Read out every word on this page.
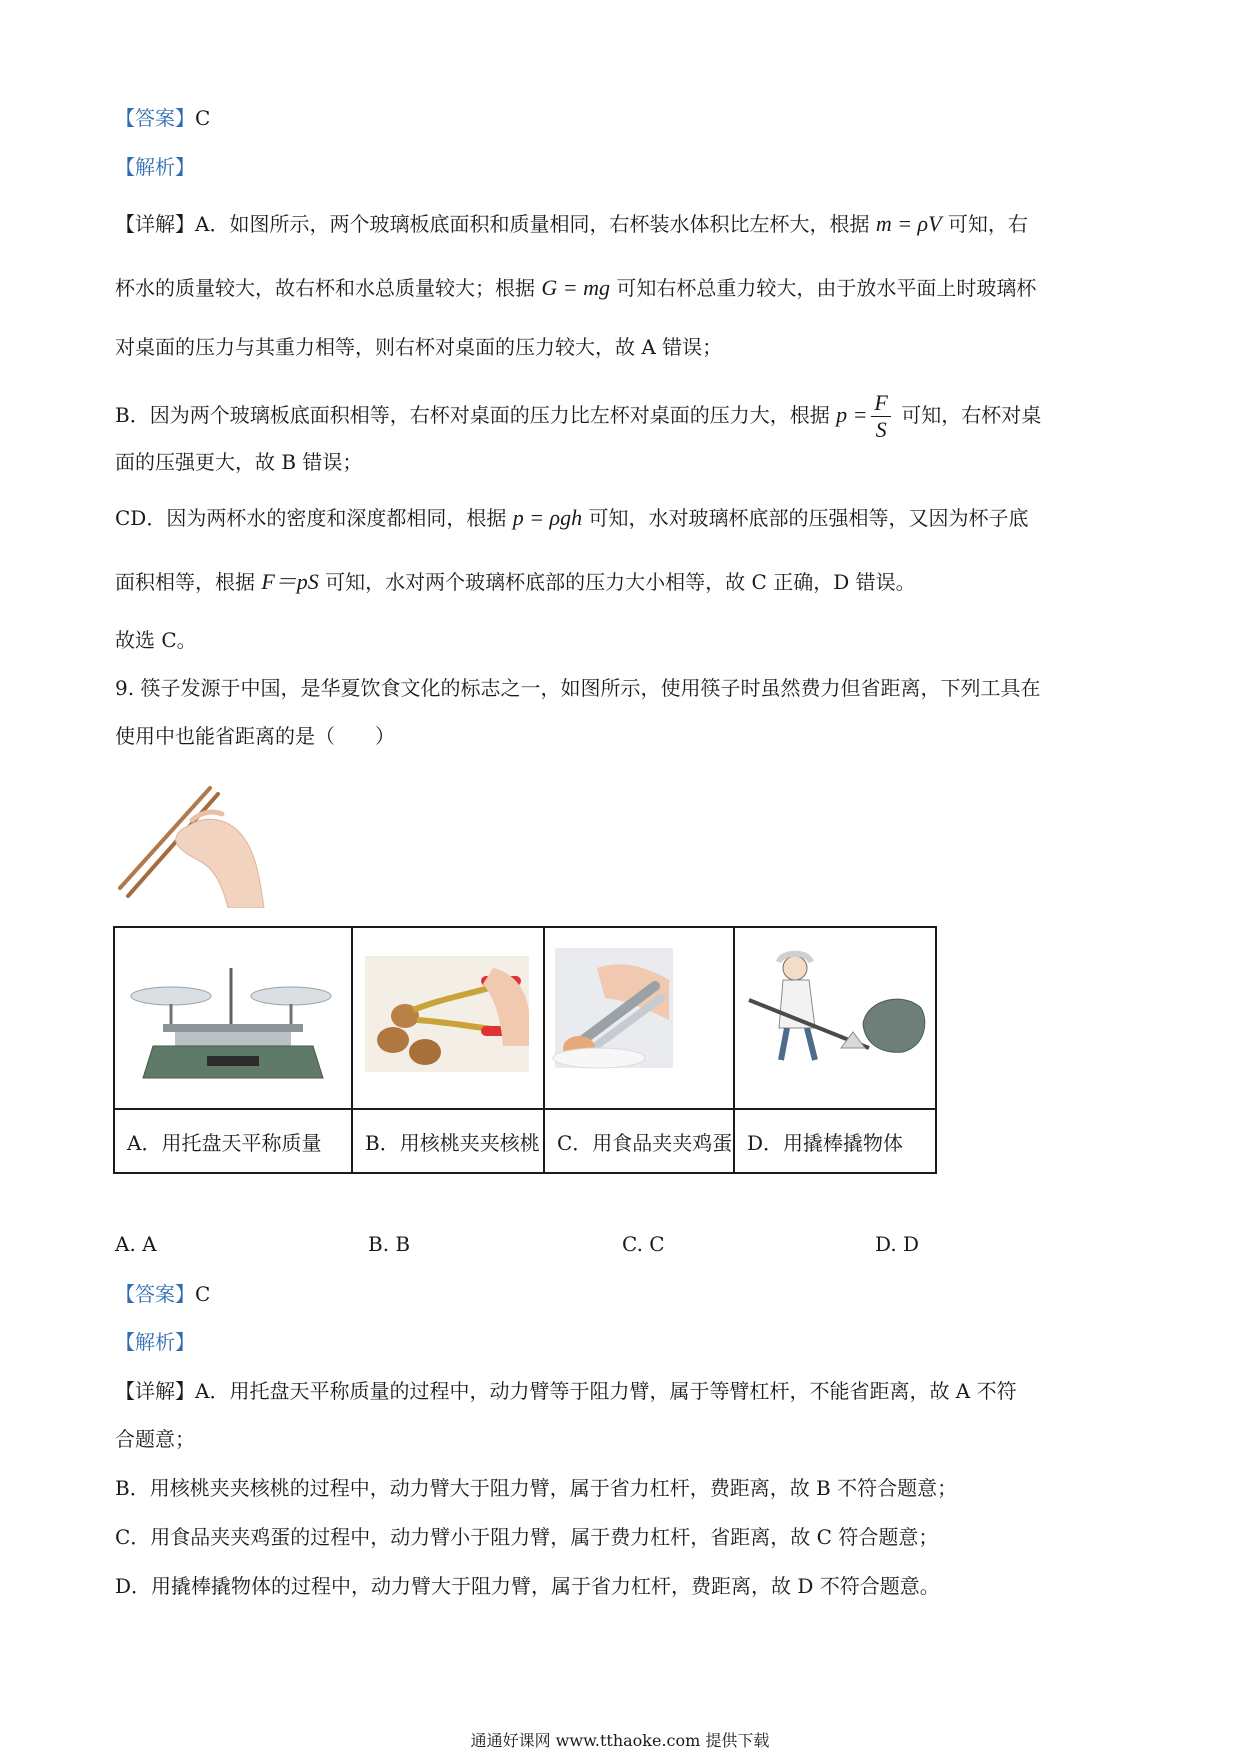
【答案】C
【解析】
【详解】A．如图所示，两个玻璃板底面积和质量相同，右杯装水体积比左杯大，根据 m = ρV 可知，右
杯水的质量较大，故右杯和水总质量较大；根据 G = mg 可知右杯总重力较大，由于放水平面上时玻璃杯
对桌面的压力与其重力相等，则右杯对桌面的压力较大，故 A 错误；
B．因为两个玻璃板底面积相等，右杯对桌面的压力比左杯对桌面的压力大，根据 $p = \frac{F}{S}$ 可知，右杯对桌
面的压强更大，故 B 错误；
CD．因为两杯水的密度和深度都相同，根据 p = ρgh 可知，水对玻璃杯底部的压强相等，又因为杯子底
面积相等，根据 F＝pS 可知，水对两个玻璃杯底部的压力大小相等，故 C 正确，D 错误。
故选 C。
9. 筷子发源于中国，是华夏饮食文化的标志之一，如图所示，使用筷子时虽然费力但省距离，下列工具在
使用中也能省距离的是（　　）

A．用托盘天平称质量	B．用核桃夹夹核桃	C．用食品夹夹鸡蛋	D．用撬棒撬物体
A. A	B. B	C. C	D. D
【答案】C
【解析】
【详解】A．用托盘天平称质量的过程中，动力臂等于阻力臂，属于等臂杠杆，不能省距离，故 A 不符
合题意；
B．用核桃夹夹核桃的过程中，动力臂大于阻力臂，属于省力杠杆，费距离，故 B 不符合题意；
C．用食品夹夹鸡蛋的过程中，动力臂小于阻力臂，属于费力杠杆，省距离，故 C 符合题意；
D．用撬棒撬物体的过程中，动力臂大于阻力臂，属于省力杠杆，费距离，故 D 不符合题意。
通通好课网 www.tthaoke.com 提供下载
